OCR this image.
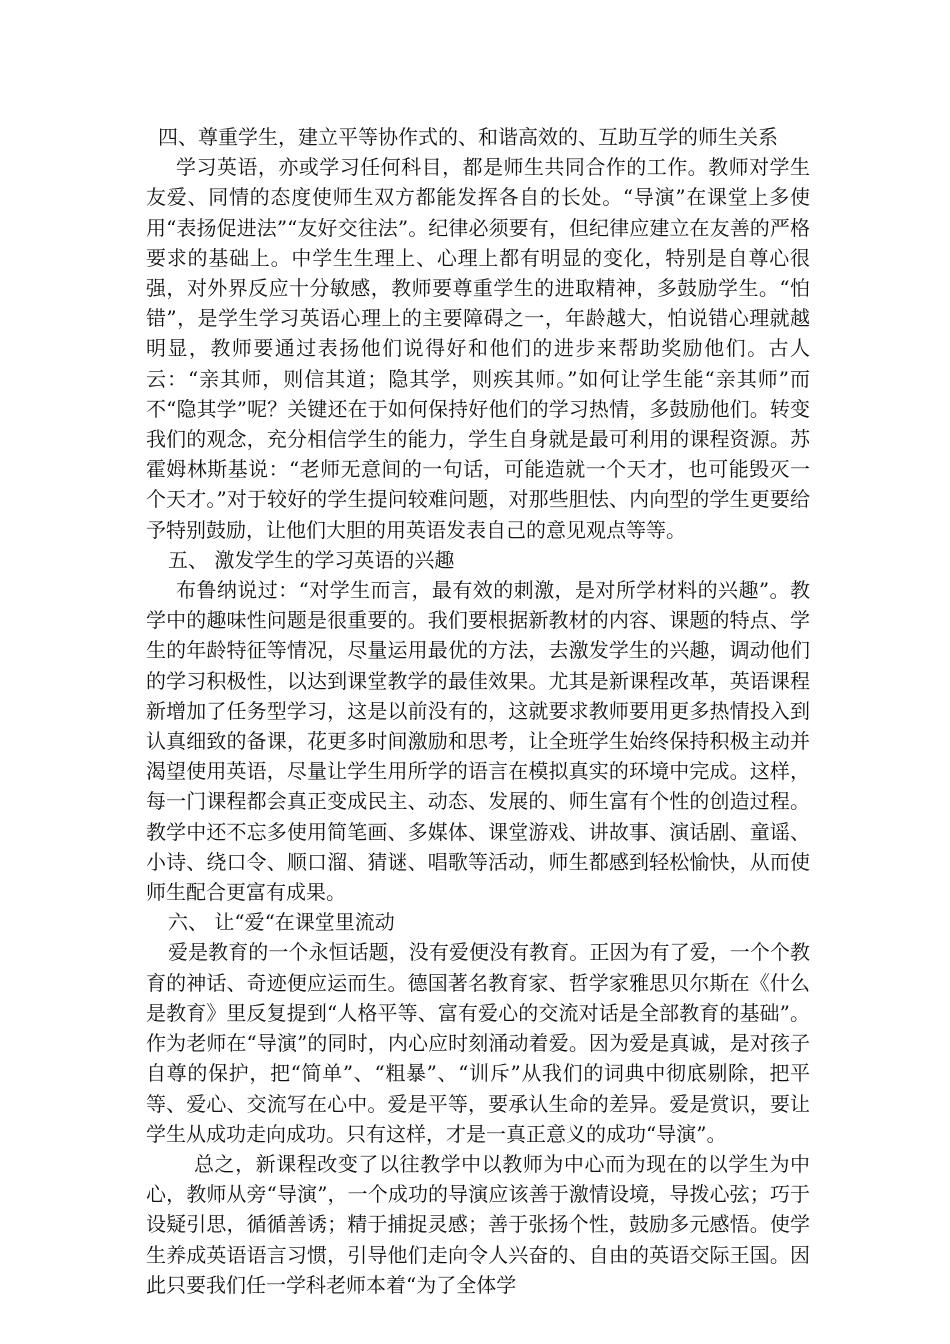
四、尊重学生，建立平等协作式的、和谐高效的、互助互学的师生关系

学习英语，亦或学习任何科目，都是师生共同合作的工作。教师对学生友爱、同情的态度使师生双方都能发挥各自的长处。“导演”在课堂上多使用“表扬促进法”“友好交往法”。纪律必须要有，但纪律应建立在友善的严格要求的基础上。中学生生理上、心理上都有明显的变化，特别是自尊心很强，对外界反应十分敏感，教师要尊重学生的进取精神，多鼓励学生。“怕错”，是学生学习英语心理上的主要障碍之一，年龄越大，怕说错心理就越明显，教师要通过表扬他们说得好和他们的进步来帮助奖励他们。古人云：“亲其师，则信其道；隐其学，则疾其师。”如何让学生能“亲其师”而不“隐其学”呢？关键还在于如何保持好他们的学习热情，多鼓励他们。转变我们的观念，充分相信学生的能力，学生自身就是最可利用的课程资源。苏霍姆林斯基说：“老师无意间的一句话，可能造就一个天才，也可能毁灭一个天才。”对于较好的学生提问较难问题，对那些胆怯、内向型的学生更要给予特别鼓励，让他们大胆的用英语发表自己的意见观点等等。

五、 激发学生的学习英语的兴趣

布鲁纳说过：“对学生而言，最有效的刺激，是对所学材料的兴趣”。教学中的趣味性问题是很重要的。我们要根据新教材的内容、课题的特点、学生的年龄特征等情况，尽量运用最优的方法，去激发学生的兴趣，调动他们的学习积极性，以达到课堂教学的最佳效果。尤其是新课程改革，英语课程新增加了任务型学习，这是以前没有的，这就要求教师要用更多热情投入到认真细致的备课，花更多时间激励和思考，让全班学生始终保持积极主动并渴望使用英语，尽量让学生用所学的语言在模拟真实的环境中完成。这样，每一门课程都会真正变成民主、动态、发展的、师生富有个性的创造过程。教学中还不忘多使用简笔画、多媒体、课堂游戏、讲故事、演话剧、童谣、小诗、绕口令、顺口溜、猜谜、唱歌等活动，师生都感到轻松愉快，从而使师生配合更富有成果。

六、 让“爱“在课堂里流动

爱是教育的一个永恒话题，没有爱便没有教育。正因为有了爱，一个个教育的神话、奇迹便应运而生。德国著名教育家、哲学家雅思贝尔斯在《什么是教育》里反复提到“人格平等、富有爱心的交流对话是全部教育的基础”。作为老师在“导演”的同时，内心应时刻涌动着爱。因为爱是真诚，是对孩子自尊的保护，把“简单”、“粗暴”、“训斥”从我们的词典中彻底剔除，把平等、爱心、交流写在心中。爱是平等，要承认生命的差异。爱是赏识，要让学生从成功走向成功。只有这样，才是一真正意义的成功“导演”。

总之，新课程改变了以往教学中以教师为中心而为现在的以学生为中心，教师从旁“导演”，一个成功的导演应该善于激情设境，导拨心弦；巧于设疑引思，循循善诱；精于捕捉灵感；善于张扬个性，鼓励多元感悟。使学生养成英语语言习惯，引导他们走向令人兴奋的、自由的英语交际王国。因此只要我们任一学科老师本着“为了全体学
